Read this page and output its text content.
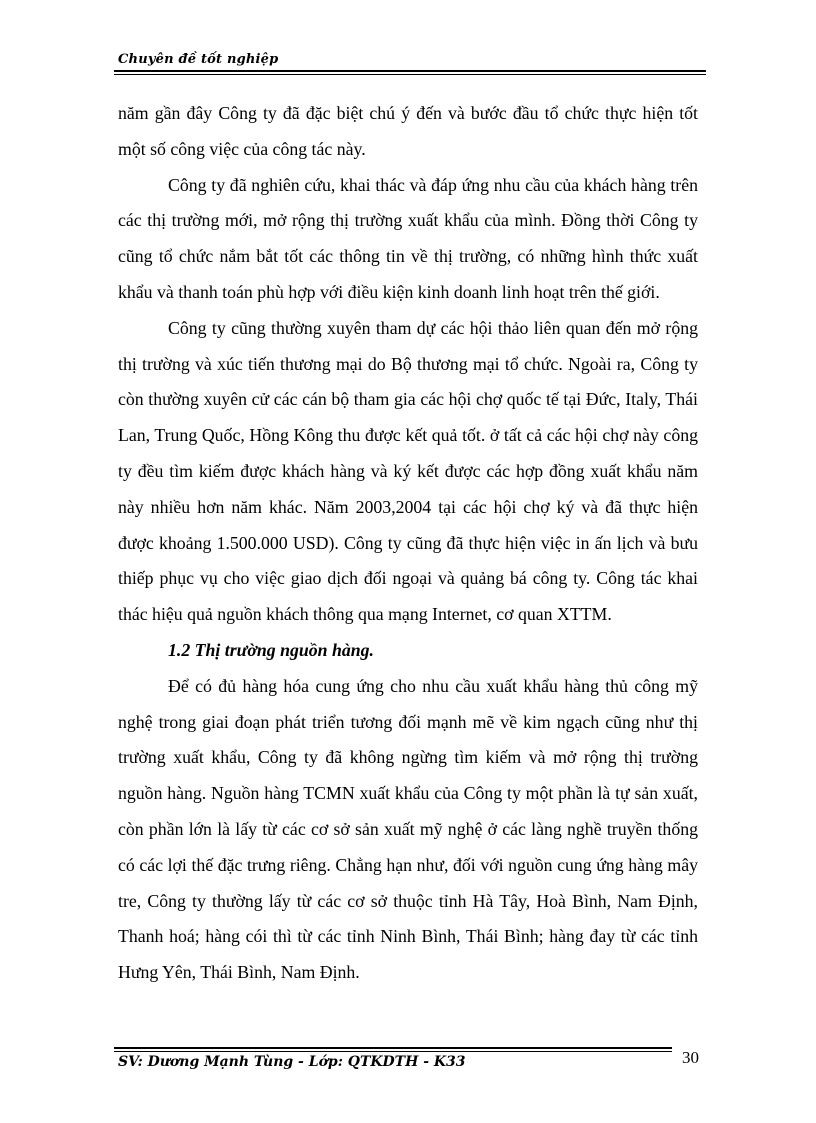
Chuyên đề tốt nghiệp

năm gần đây Công ty đã đặc biệt chú ý đến và bước đầu tổ chức thực hiện tốt một số công việc của công tác này.

Công ty đã nghiên cứu, khai thác và đáp ứng nhu cầu của khách hàng trên các thị trường mới, mở rộng thị trường xuất khẩu của mình. Đồng thời Công ty cũng tổ chức nắm bắt tốt các thông tin về thị trường, có những hình thức xuất khẩu và thanh toán phù hợp với điều kiện kinh doanh linh hoạt trên thế giới.

Công ty cũng thường xuyên tham dự các hội thảo liên quan đến mở rộng thị trường và xúc tiến thương mại do Bộ thương mại tổ chức. Ngoài ra, Công ty còn thường xuyên cử các cán bộ tham gia các hội chợ quốc tế tại Đức, Italy, Thái Lan, Trung Quốc, Hồng Kông thu được kết quả tốt. ở tất cả các hội chợ này công ty đều tìm kiếm được khách hàng và ký kết được các hợp đồng xuất khẩu năm này nhiều hơn năm khác. Năm 2003,2004 tại các hội chợ ký và đã thực hiện được khoảng 1.500.000 USD). Công ty cũng đã thực hiện việc in ấn lịch và bưu thiếp phục vụ cho việc giao dịch đối ngoại và quảng bá công ty. Công tác khai thác hiệu quả nguồn khách thông qua mạng Internet, cơ quan XTTM.

1.2 Thị trường nguồn hàng.

Để có đủ hàng hóa cung ứng cho nhu cầu xuất khẩu hàng thủ công mỹ nghệ trong giai đoạn phát triển tương đối mạnh mẽ về kim ngạch cũng như thị trường xuất khẩu, Công ty đã không ngừng tìm kiếm và mở rộng thị trường nguồn hàng. Nguồn hàng TCMN xuất khẩu của Công ty một phần là tự sản xuất, còn phần lớn là lấy từ các cơ sở sản xuất mỹ nghệ ở các làng nghề truyền thống có các lợi thế đặc trưng riêng. Chẳng hạn như, đối với nguồn cung ứng hàng mây tre, Công ty thường lấy từ các cơ sở thuộc tỉnh Hà Tây, Hoà Bình, Nam Định, Thanh hoá; hàng cói thì từ các tỉnh Ninh Bình, Thái Bình; hàng đay từ các tỉnh Hưng Yên, Thái Bình, Nam Định.

SV: Dương Mạnh Tùng - Lớp: QTKDTH - K33	30
